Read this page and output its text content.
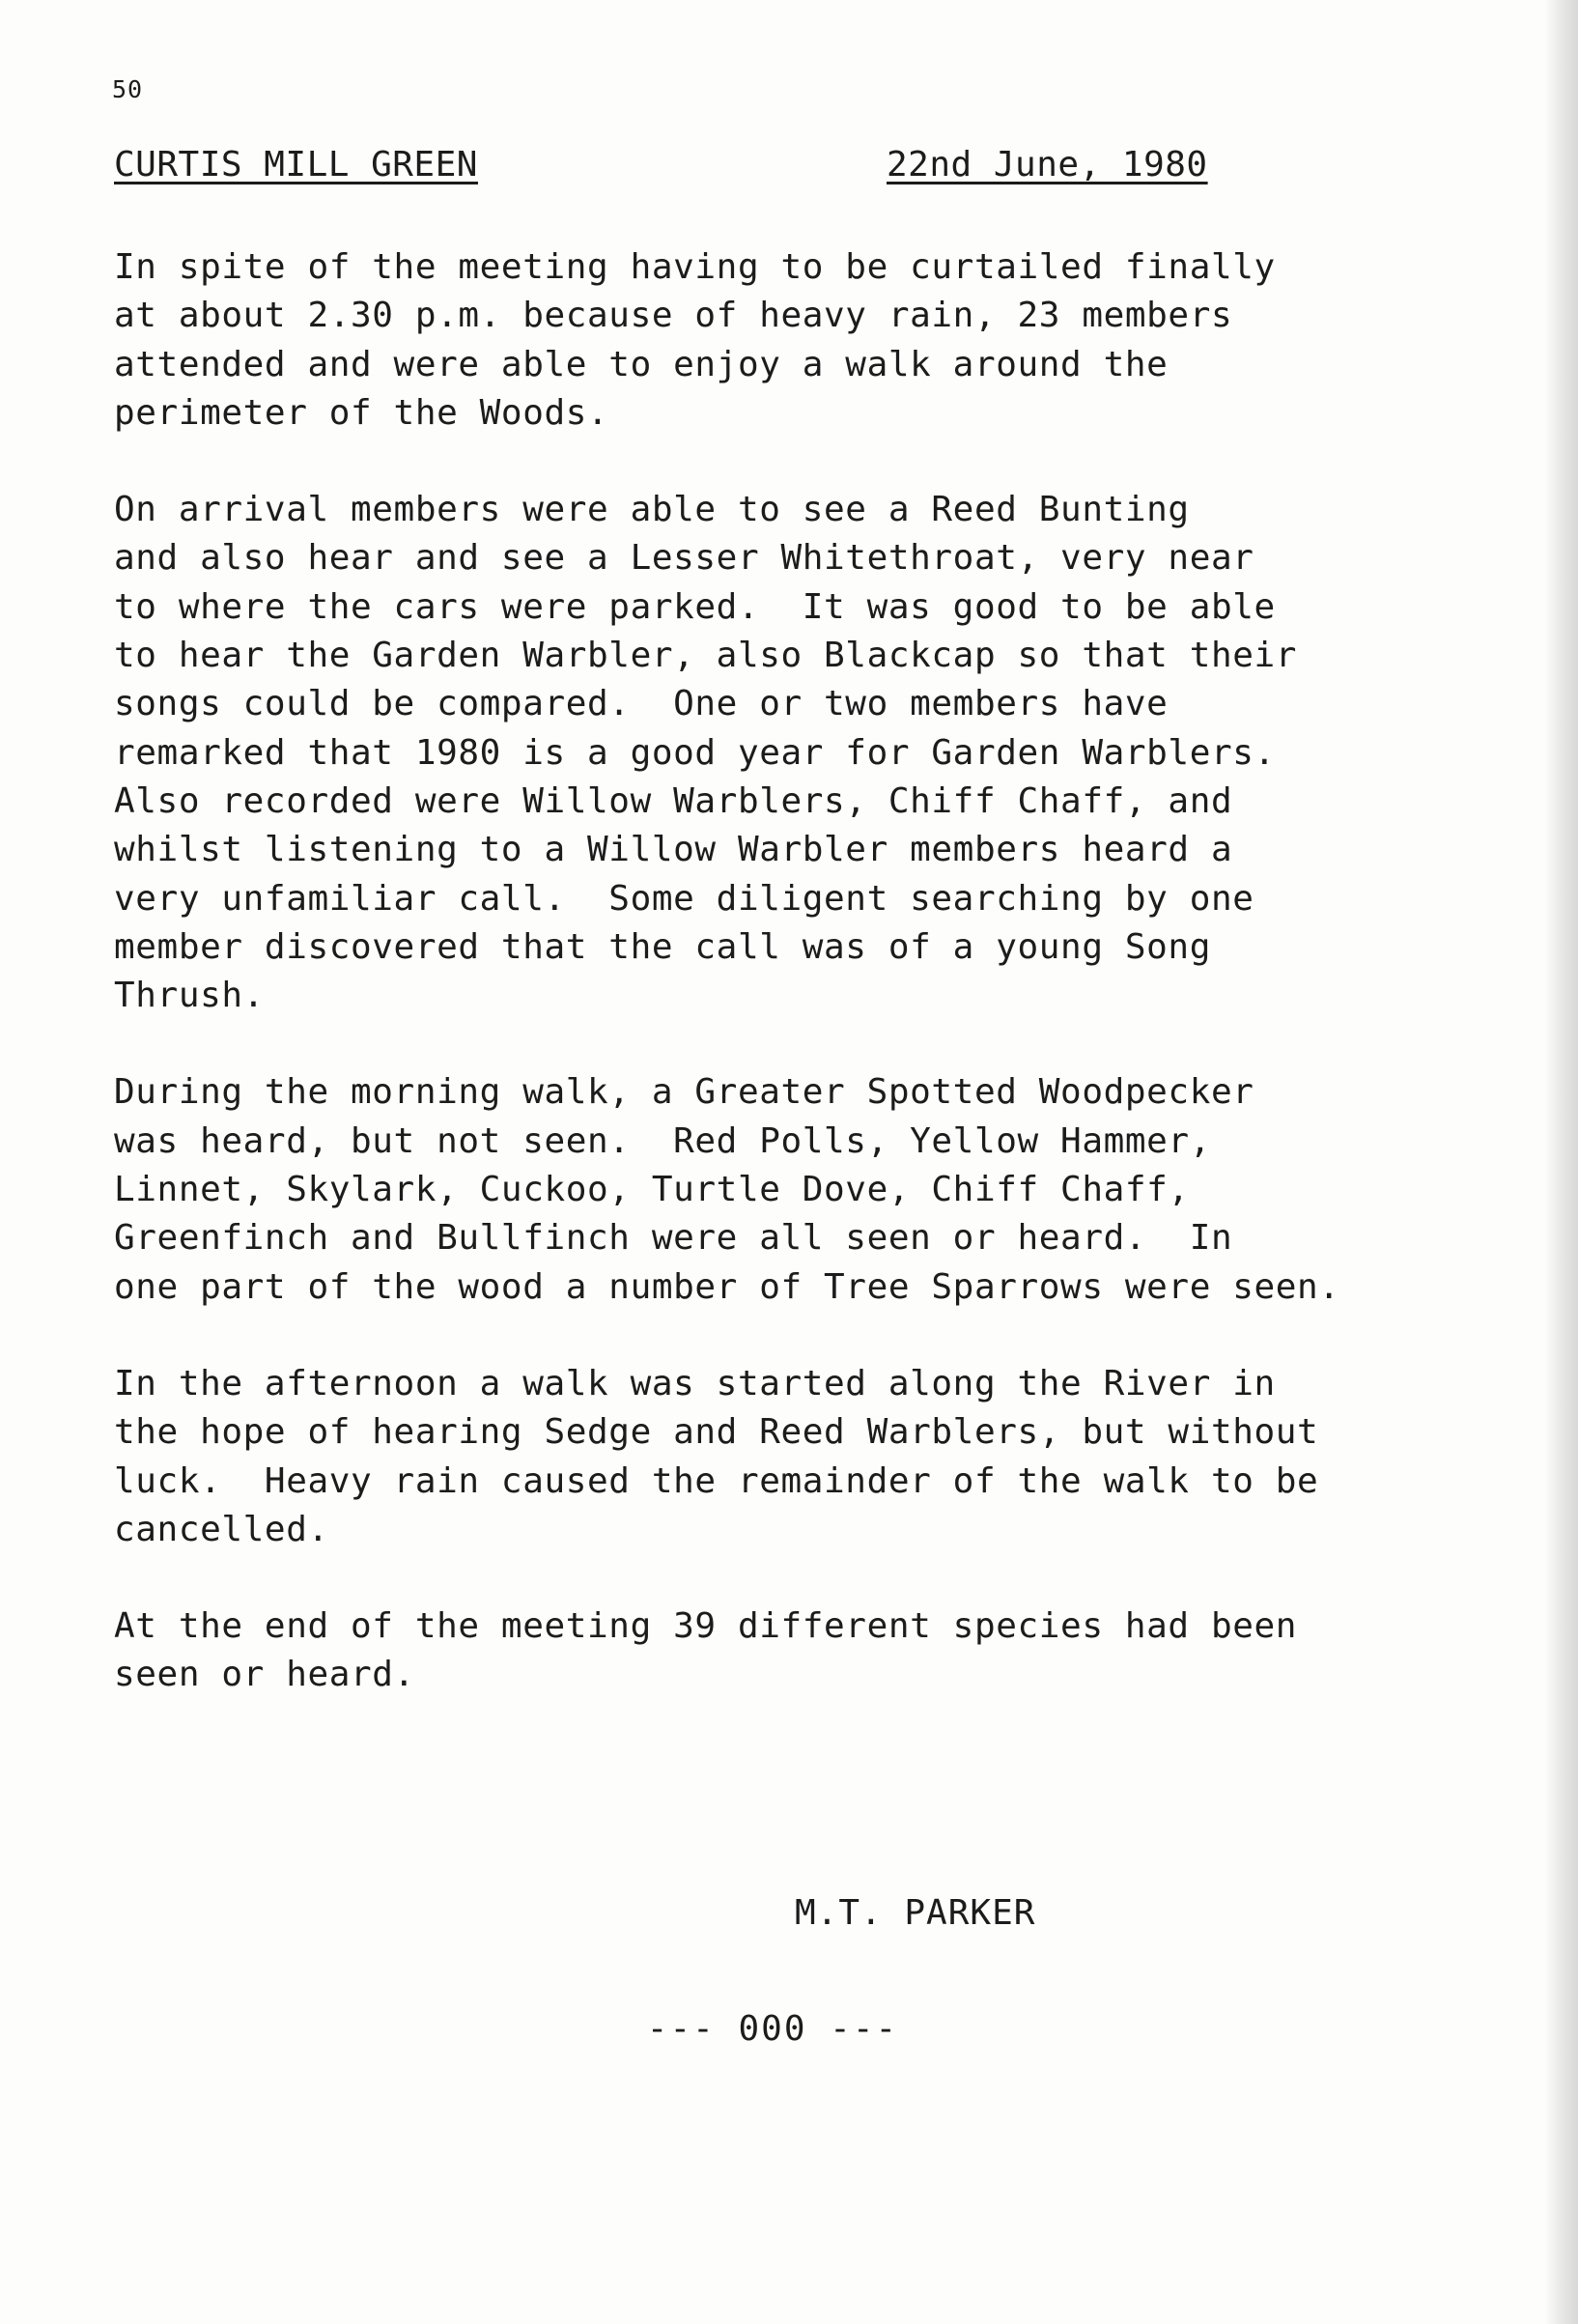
50
CURTIS MILL GREEN	22nd June, 1980
In spite of the meeting having to be curtailed finally
at about 2.30 p.m. because of heavy rain, 23 members
attended and were able to enjoy a walk around the
perimeter of the Woods.
On arrival members were able to see a Reed Bunting
and also hear and see a Lesser Whitethroat, very near
to where the cars were parked.  It was good to be able
to hear the Garden Warbler, also Blackcap so that their
songs could be compared.  One or two members have
remarked that 1980 is a good year for Garden Warblers.
Also recorded were Willow Warblers, Chiff Chaff, and
whilst listening to a Willow Warbler members heard a
very unfamiliar call.  Some diligent searching by one
member discovered that the call was of a young Song
Thrush.
During the morning walk, a Greater Spotted Woodpecker
was heard, but not seen.  Red Polls, Yellow Hammer,
Linnet, Skylark, Cuckoo, Turtle Dove, Chiff Chaff,
Greenfinch and Bullfinch were all seen or heard.  In
one part of the wood a number of Tree Sparrows were seen.
In the afternoon a walk was started along the River in
the hope of hearing Sedge and Reed Warblers, but without
luck.  Heavy rain caused the remainder of the walk to be
cancelled.
At the end of the meeting 39 different species had been
seen or heard.
M.T. PARKER
--- 000 ---
